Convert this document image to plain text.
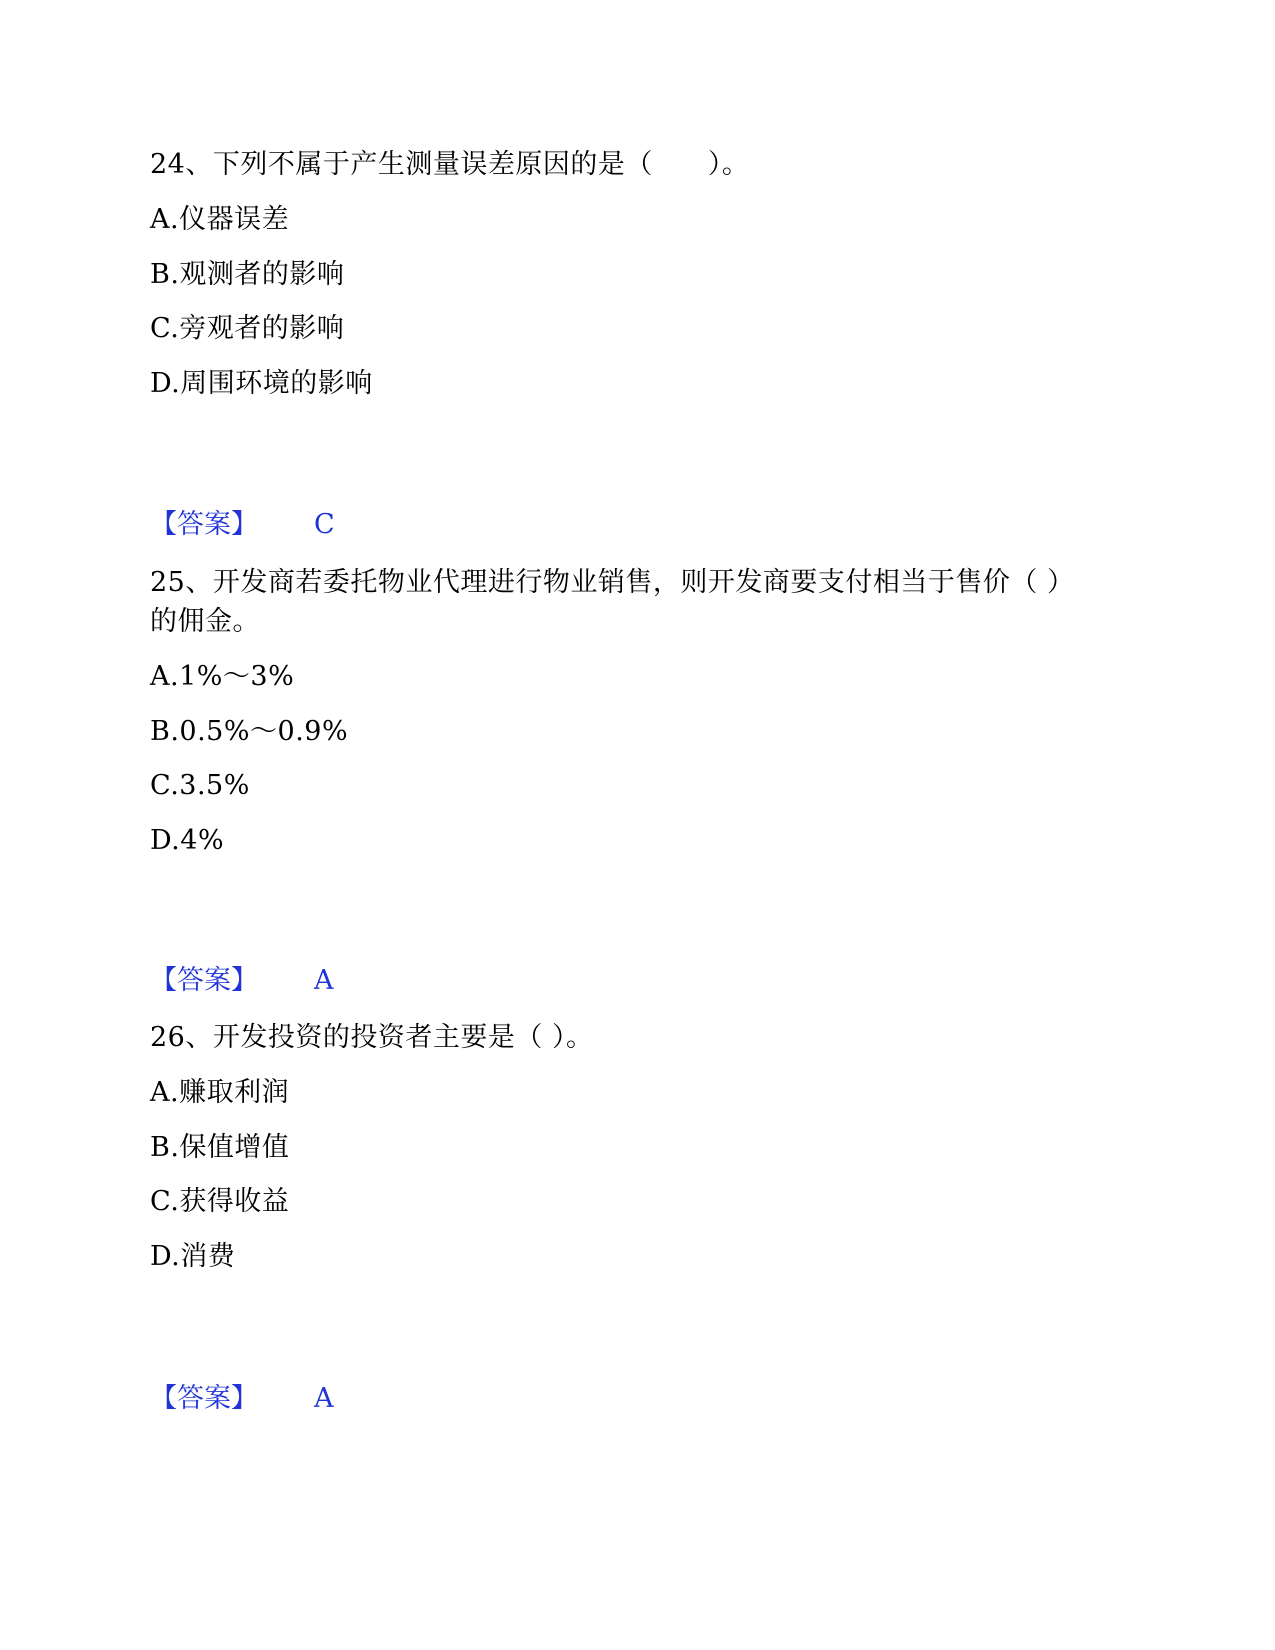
24、下列不属于产生测量误差原因的是（　　）。
A.仪器误差
B.观测者的影响
C.旁观者的影响
D.周围环境的影响
【答案】 C
25、开发商若委托物业代理进行物业销售，则开发商要支付相当于售价（ ）
的佣金。
A.1%～3%
B.0.5%～0.9%
C.3.5%
D.4%
【答案】 A
26、开发投资的投资者主要是（ ）。
A.赚取利润
B.保值增值
C.获得收益
D.消费
【答案】 A
